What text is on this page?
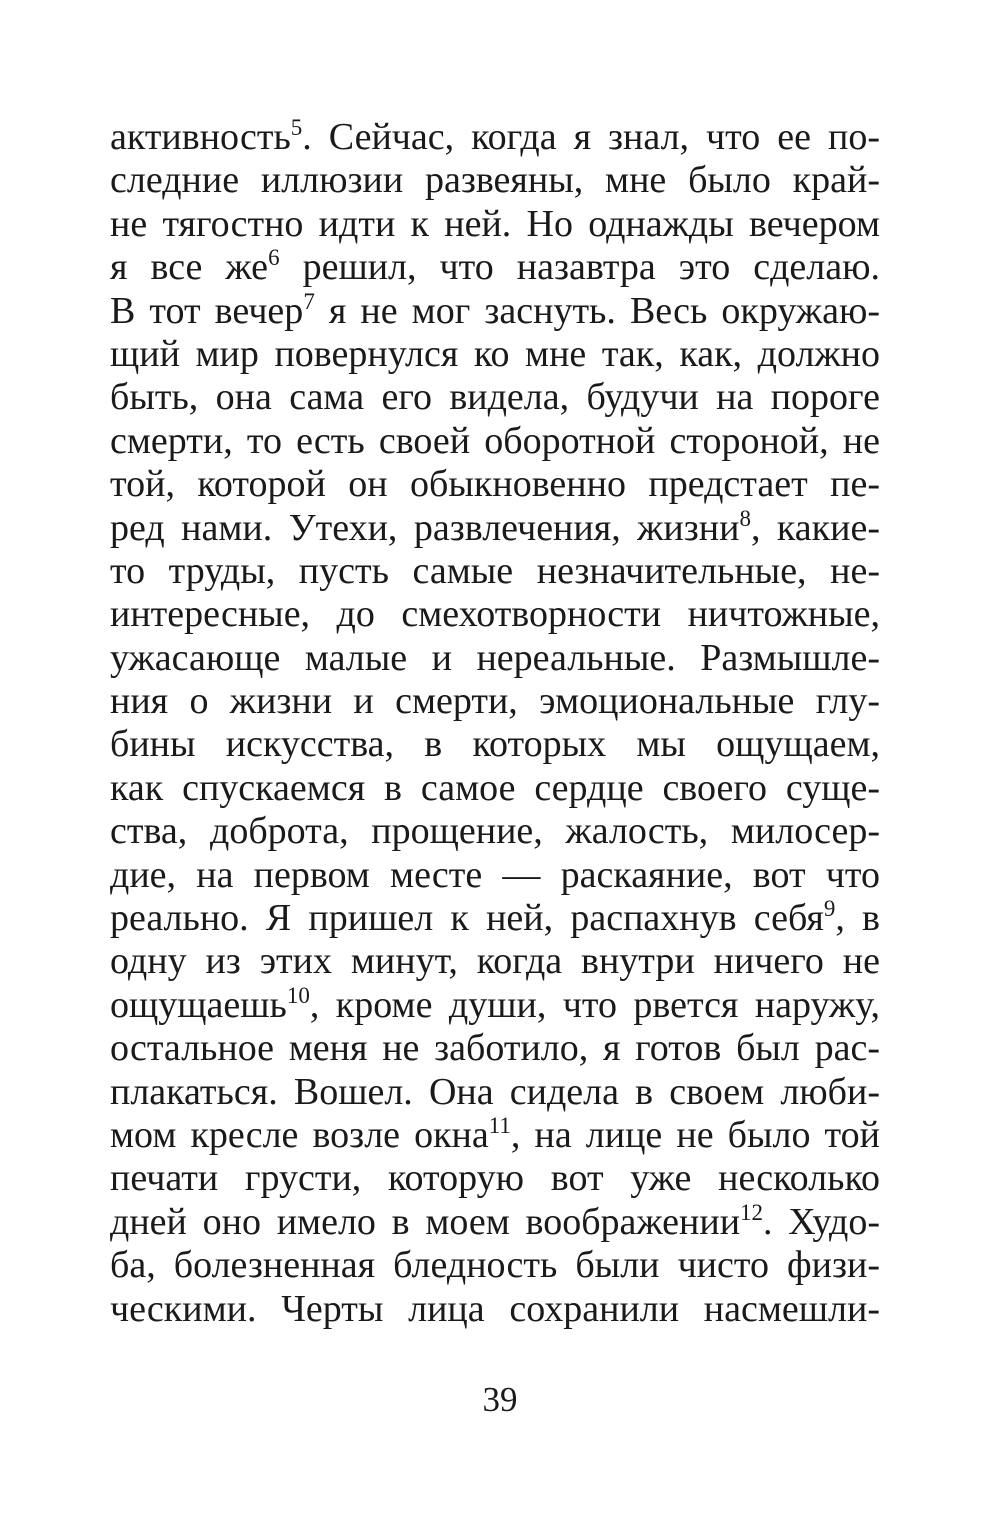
активность$^5$. Сейчас, когда я знал, что ее по-
следние иллюзии развеяны, мне было край-
не тягостно идти к ней. Но однажды вечером
я все $же^6$ решил, что назавтра это сделаю.
В тот вечер$^7$ я не мог заснуть. Весь окружаю-
щий мир повернулся ко мне так, как, должно
быть, она сама его видела, будучи на пороге
смерти, то есть своей оборотной стороной, не
той, которой он обыкновенно предстает пе-
ред нами. Утехи, развлечения, жизни$^8$, какие-
то труды, пусть самые незначительные, не-
интересные, до смехотворности ничтожные,
ужасающе малые и нереальные. Размышле-
ния о жизни и смерти, эмоциональные глу-
бины искусства, в которых мы ощущаем,
как спускаемся в самое сердце своего суще-
ства, доброта, прощение, жалость, милосер-
дие, на первом месте — раскаяние, вот что
реально. Я пришел к ней, распахнув себя$^9$, в
одну из этих минут, когда внутри ничего не
ощущаешь$^{10}$, кроме души, что рвется наружу,
остальное меня не заботило, я готов был рас-
плакаться. Вошел. Она сидела в своем люби-
мом кресле возле окна$^{11}$, на лице не было той
печати грусти, которую вот уже несколько
дней оно имело в моем воображении$^{12}$. Худо-
ба, болезненная бледность были чисто физи-
ческими. Черты лица сохранили насмешли-
39
